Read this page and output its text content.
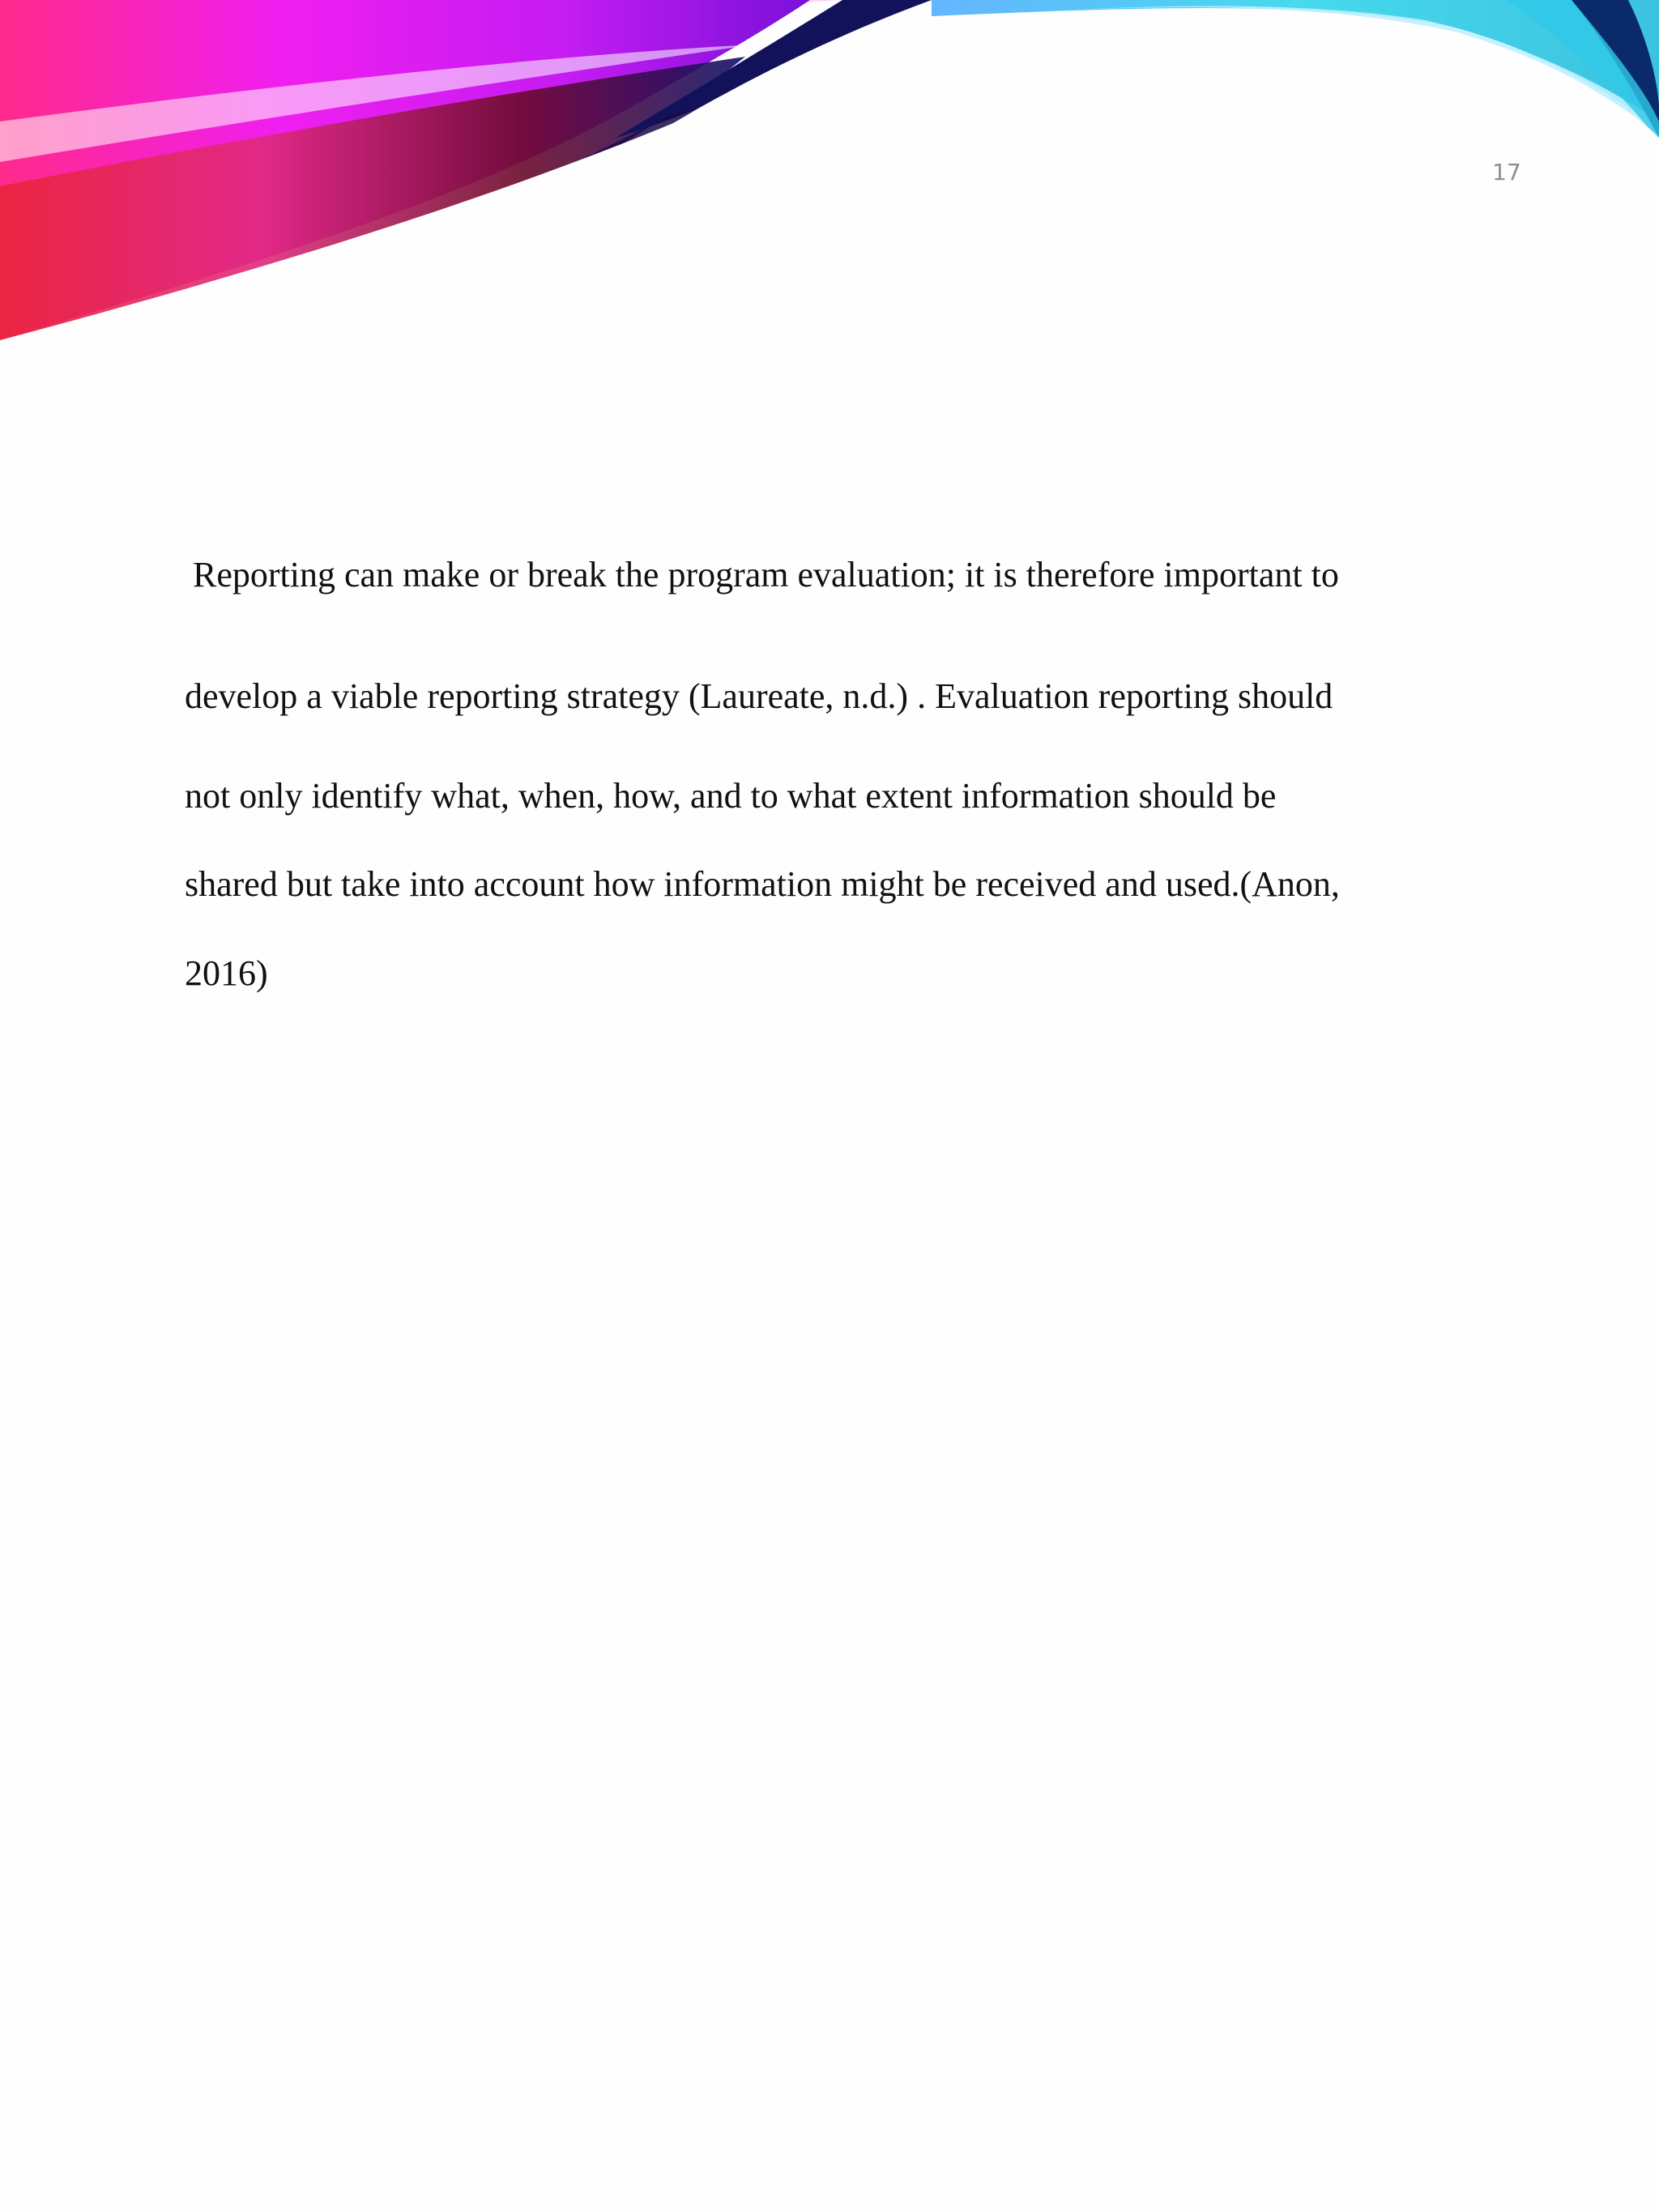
17
Reporting can make or break the program evaluation; it is therefore important to
develop a viable reporting strategy (Laureate, n.d.) . Evaluation reporting should
not only identify what, when, how, and to what extent information should be
shared but take into account how information might be received and used.(Anon,
2016)
